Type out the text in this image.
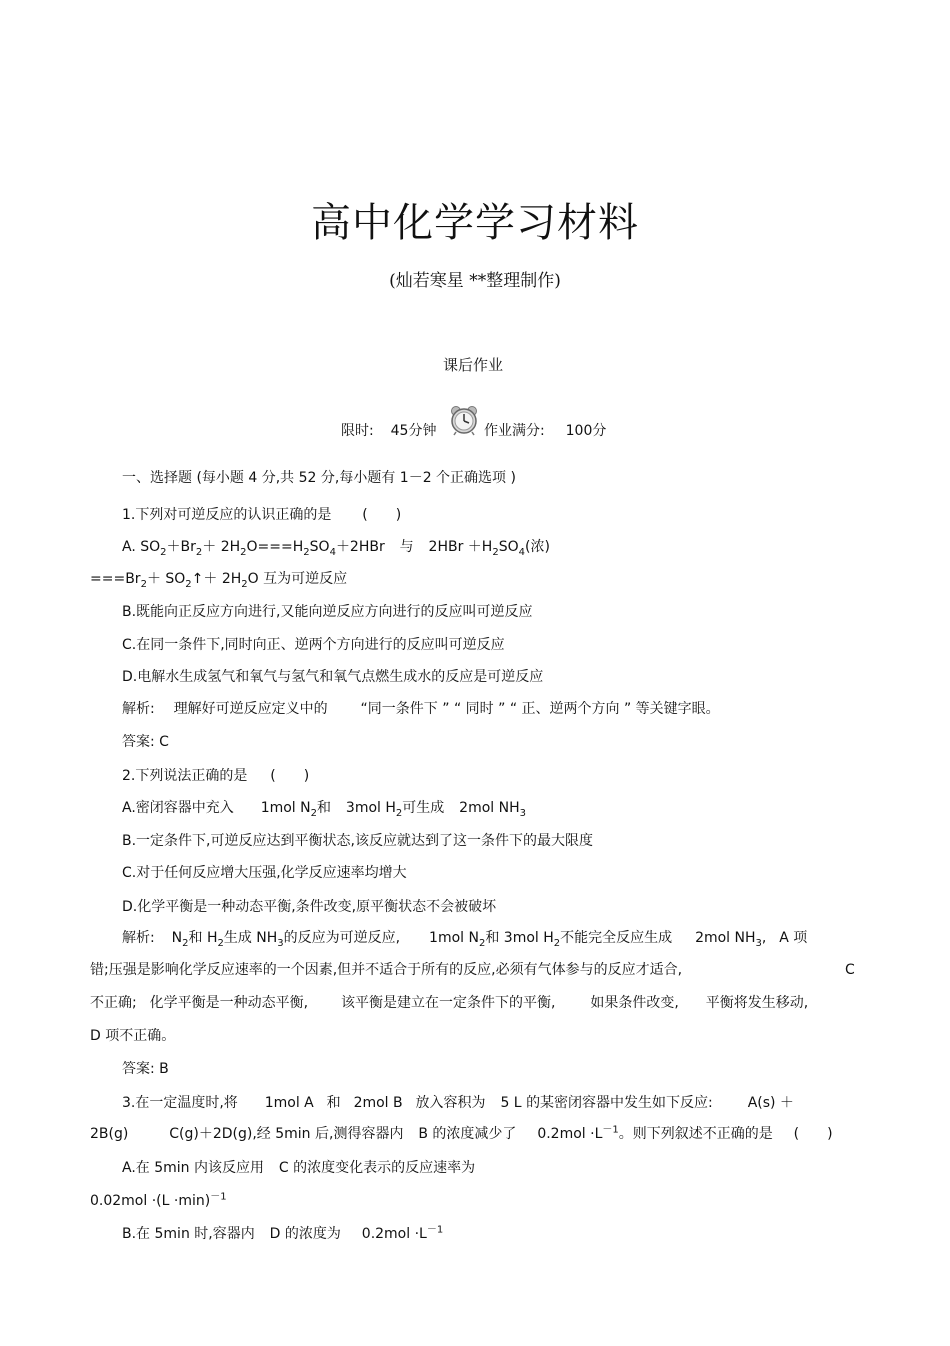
高中化学学习材料
(灿若寒星 **整理制作)
课后作业
限时: 45分钟	作业满分: 100分
一、选择题 (每小题 4 分,共 52 分,每小题有 1－2 个正确选项 )
1.下列对可逆反应的认识正确的是 (　　)
A. $SO_2+Br_2+ 2H_2O===H_2SO_4+2HBr$ 与 $2HBr +H_2SO_4$(浓)
$===Br_2+$ $SO_2↑+ 2H_2O$ 互为可逆反应
B.既能向正反应方向进行,又能向逆反应方向进行的反应叫可逆反应
C.在同一条件下,同时向正、逆两个方向进行的反应叫可逆反应
D.电解水生成氢气和氧气与氢气和氧气点燃生成水的反应是可逆反应
解析: 理解好可逆反应定义中的 “同一条件下 ” “ 同时 ” “ 正、逆两个方向 ” 等关键字眼。
答案: C
2.下列说法正确的是 (　　)
A.密闭容器中充入 1mol $N_2$和 3mol $H_2$可生成 2mol $NH_3$
B.一定条件下,可逆反应达到平衡状态,该反应就达到了这一条件下的最大限度
C.对于任何反应增大压强,化学反应速率均增大
D.化学平衡是一种动态平衡,条件改变,原平衡状态不会被破坏
解析: $N_2$和 $H_2$生成 $NH_3$的反应为可逆反应, 1mol $N_2$和 3mol $H_2$不能完全反应生成 2mol $NH_3$, A 项
错;压强是影响化学反应速率的一个因素,但并不适合于所有的反应,必须有气体参与的反应才适合,	C
不正确; 化学平衡是一种动态平衡, 该平衡是建立在一定条件下的平衡, 如果条件改变, 平衡将发生移动,
D 项不正确。
答案: B
3.在一定温度时,将 1mol A 和 2mol B 放入容积为 5 L 的某密闭容器中发生如下反应: A(s) ＋
2B(g)	C(g)＋2D(g),经 5min 后,测得容器内 B 的浓度减少了 $0.2mol \cdot L^{-1}$。则下列叙述不正确的是 (　　)
A.在 5min 内该反应用 C 的浓度变化表示的反应速率为
$0.02mol \cdot(L \cdot\min)^{-1}$
B.在 5min 时,容器内 D 的浓度为 $0.2mol \cdot L^{-1}$
